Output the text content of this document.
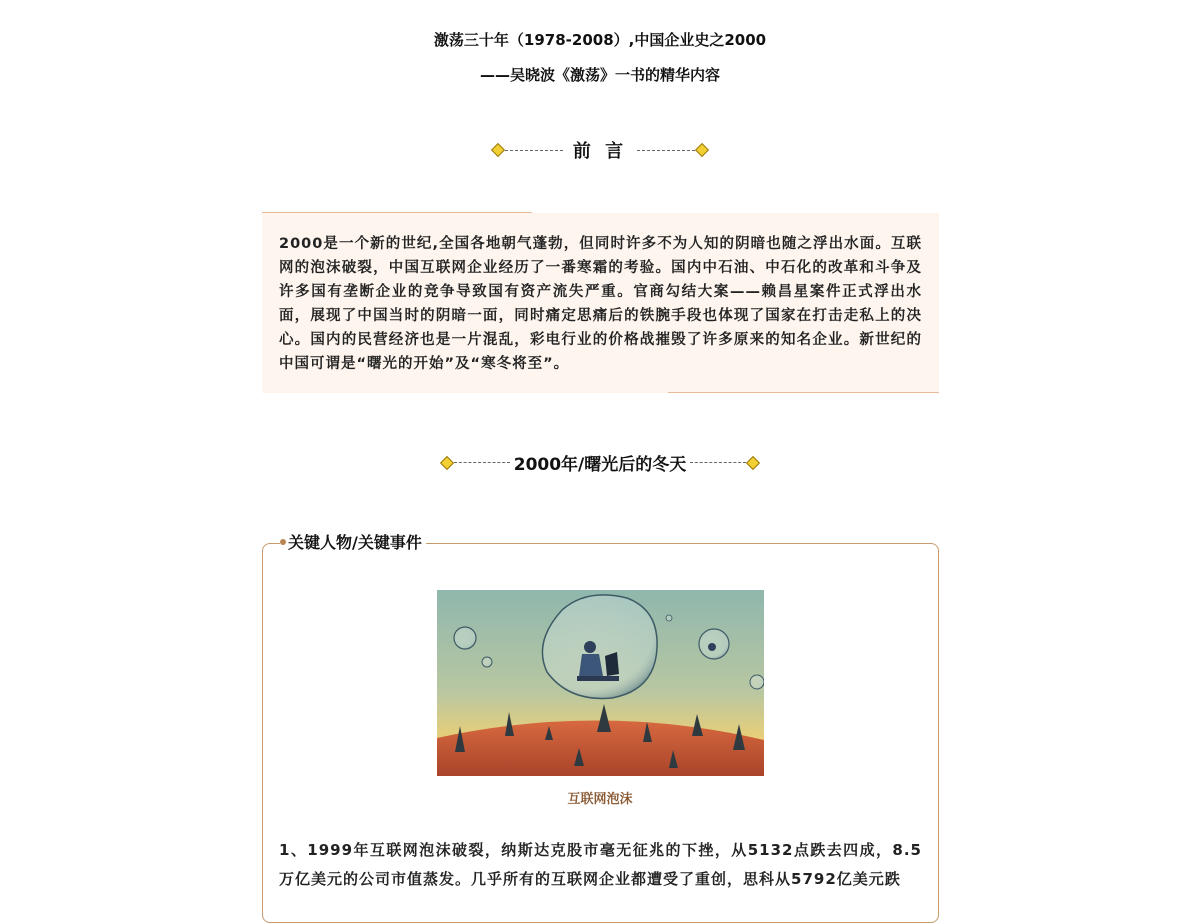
激荡三十年（1978-2008）,中国企业史之2000
——吴晓波《激荡》一书的精华内容
前 言

2000是一个新的世纪,全国各地朝气蓬勃，但同时许多不为人知的阴暗也随之浮出水面。互联网的泡沫破裂，中国互联网企业经历了一番寒霜的考验。国内中石油、中石化的改革和斗争及许多国有垄断企业的竞争导致国有资产流失严重。官商勾结大案——赖昌星案件正式浮出水面，展现了中国当时的阴暗一面，同时痛定思痛后的铁腕手段也体现了国家在打击走私上的决心。国内的民营经济也是一片混乱，彩电行业的价格战摧毁了许多原来的知名企业。新世纪的中国可谓是“曙光的开始”及“寒冬将至”。

2000年/曙光后的冬天
关键人物/关键事件
互联网泡沫

1、1999年互联网泡沫破裂，纳斯达克股市毫无征兆的下挫，从5132点跌去四成，8.5万亿美元的公司市值蒸发。几乎所有的互联网企业都遭受了重创，思科从5792亿美元跌
